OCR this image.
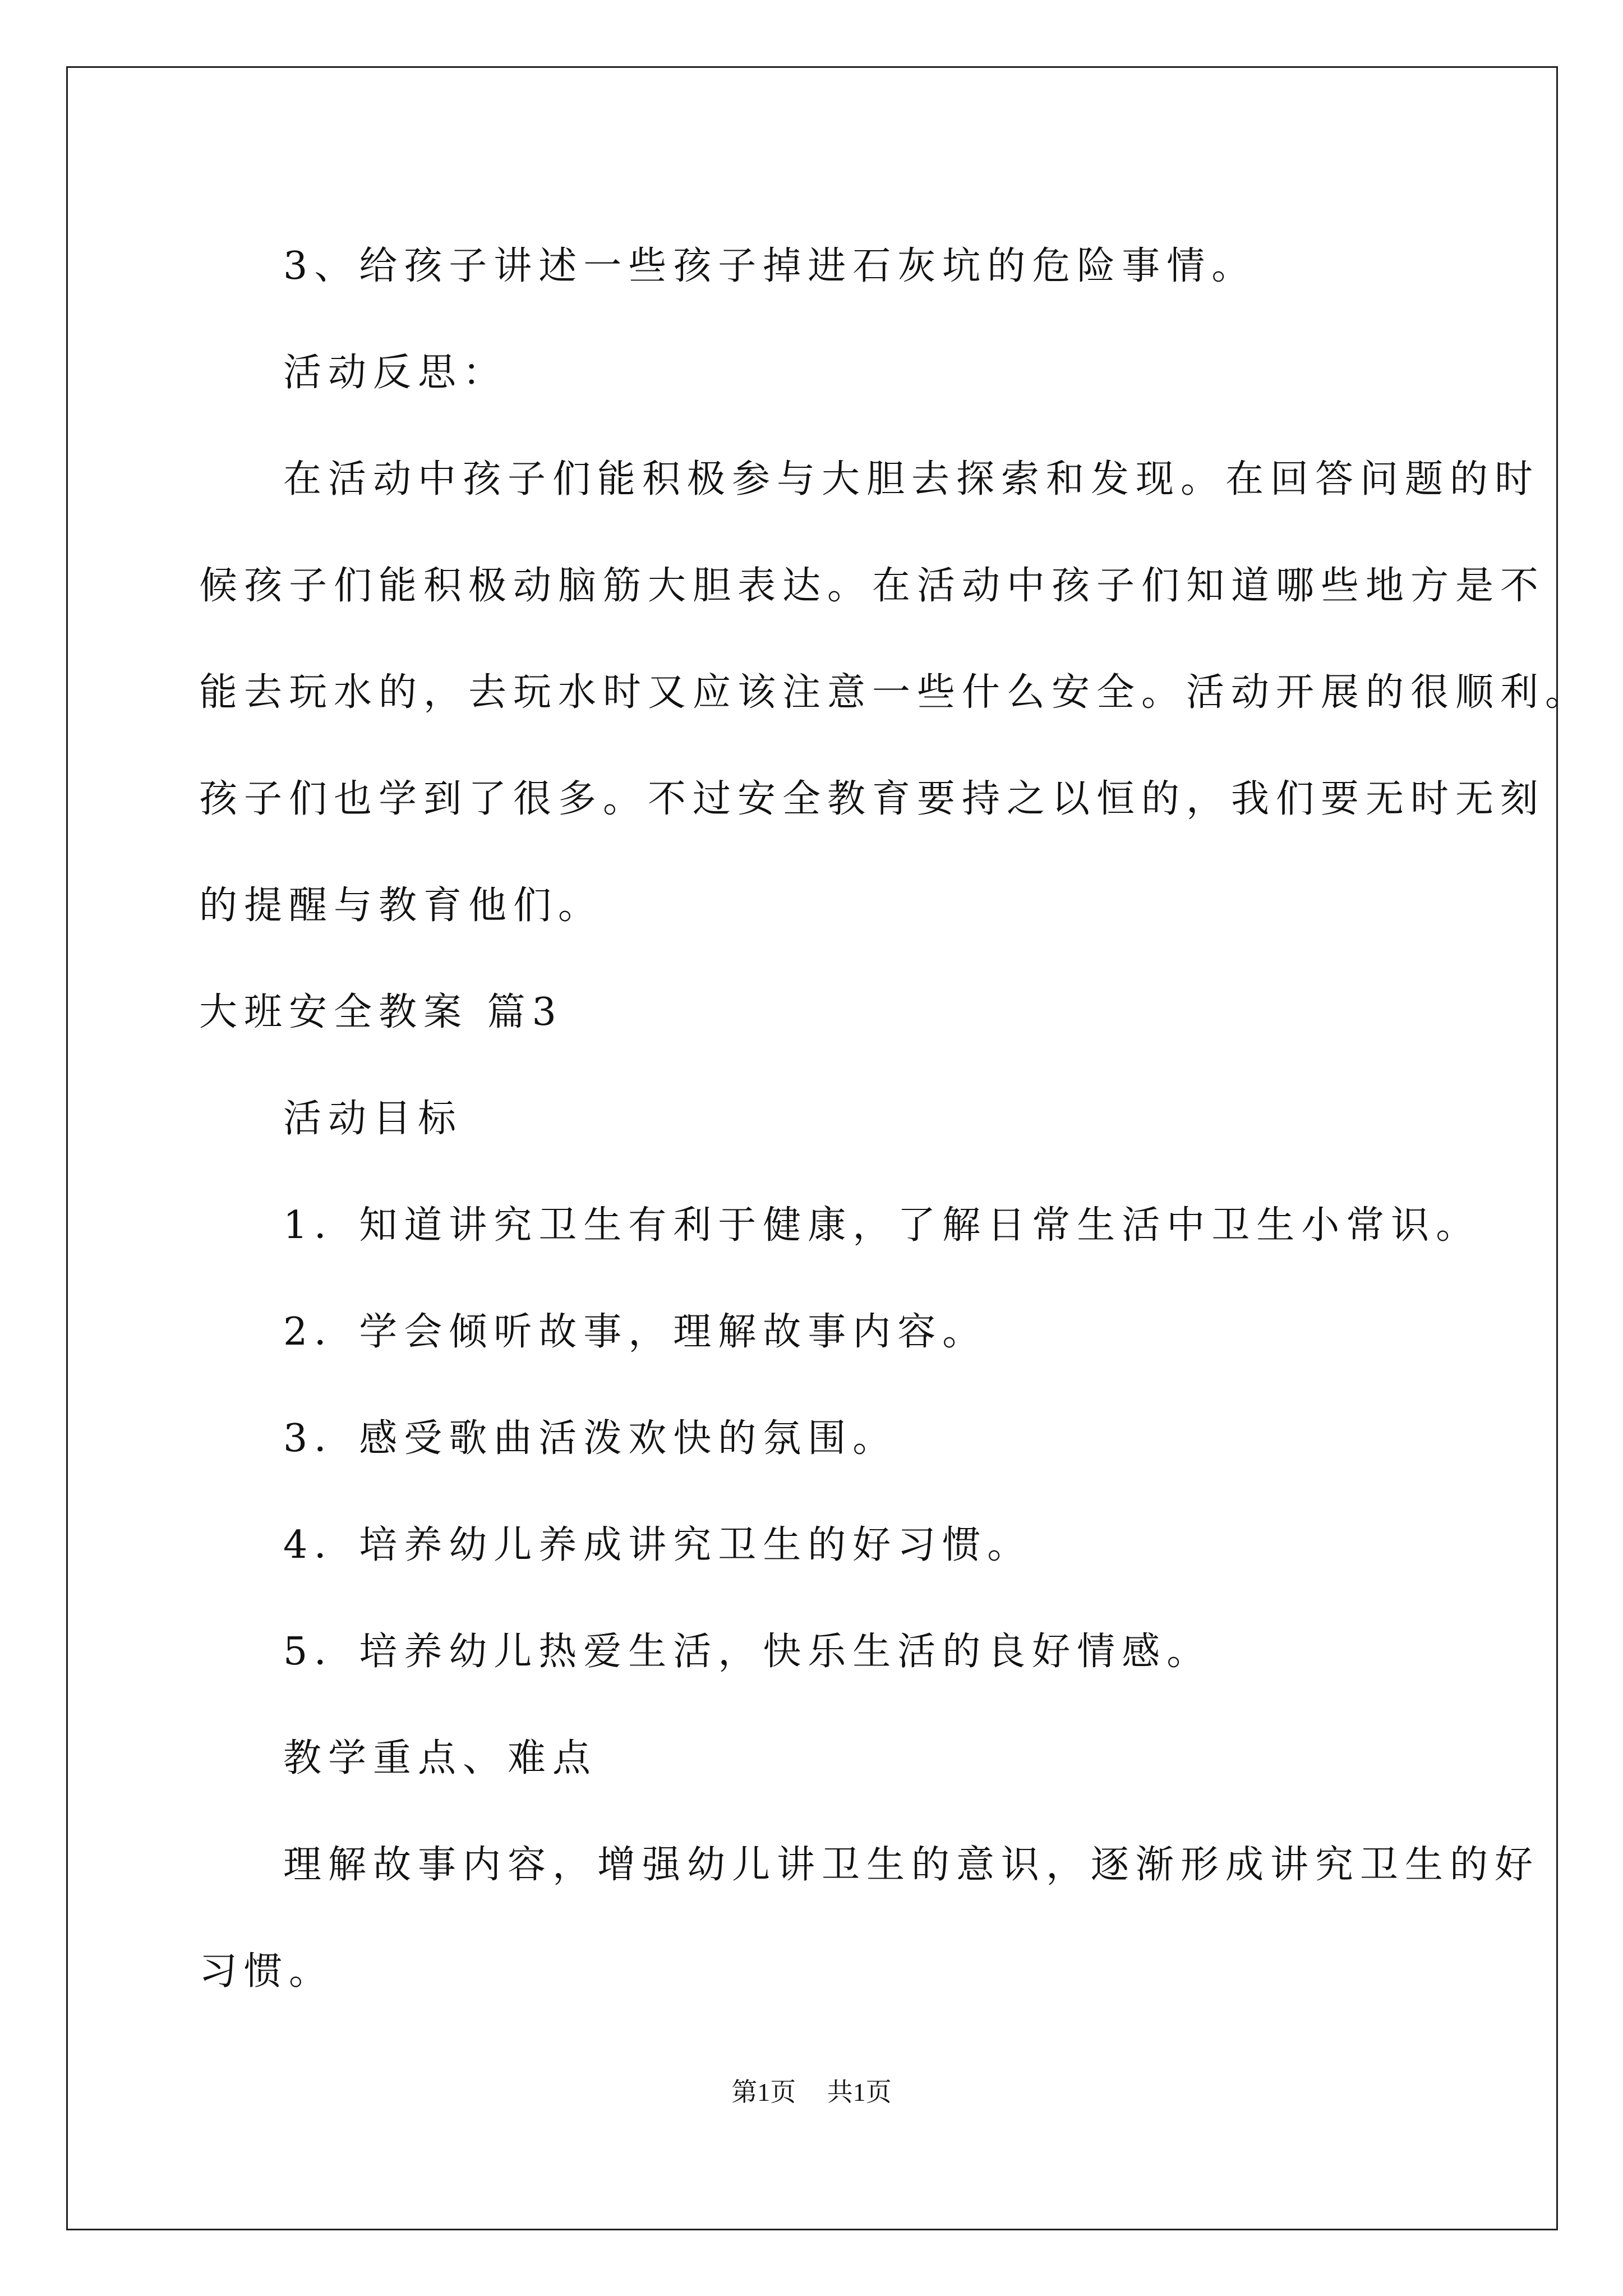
3、给孩子讲述一些孩子掉进石灰坑的危险事情。

活动反思：

在活动中孩子们能积极参与大胆去探索和发现。在回答问题的时

候孩子们能积极动脑筋大胆表达。在活动中孩子们知道哪些地方是不

能去玩水的，去玩水时又应该注意一些什么安全。活动开展的很顺利。

孩子们也学到了很多。不过安全教育要持之以恒的，我们要无时无刻

的提醒与教育他们。

大班安全教案 篇3

活动目标

1．知道讲究卫生有利于健康，了解日常生活中卫生小常识。

2．学会倾听故事，理解故事内容。

3．感受歌曲活泼欢快的氛围。

4．培养幼儿养成讲究卫生的好习惯。

5．培养幼儿热爱生活，快乐生活的良好情感。

教学重点、难点

理解故事内容，增强幼儿讲卫生的意识，逐渐形成讲究卫生的好

习惯。

第1页 共1页
